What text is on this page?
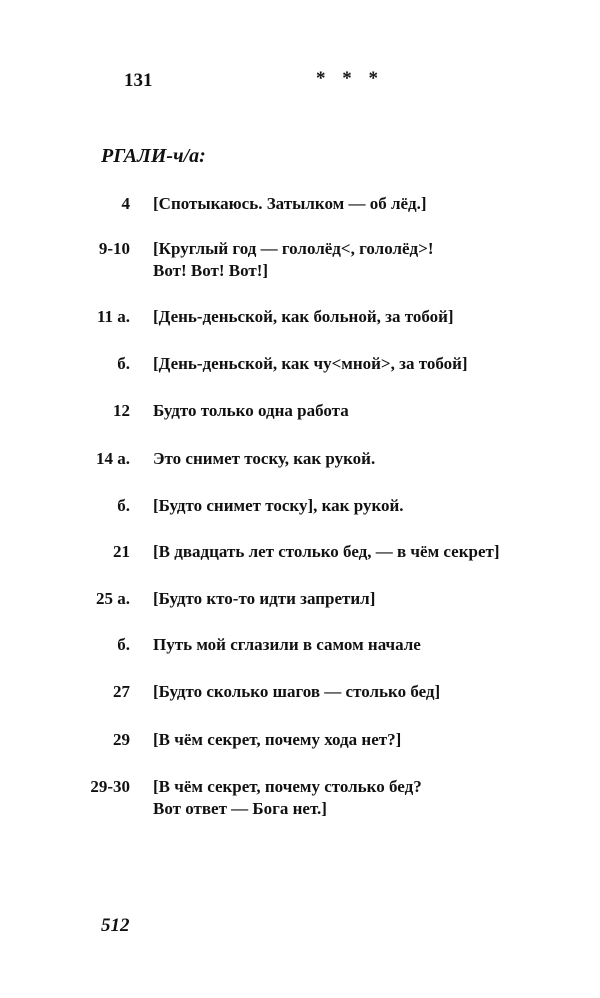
131	* * *
РГАЛИ-ч/а:
4 [Спотыкаюсь. Затылком — об лёд.]
9-10 [Круглый год — гололёд<, гололёд>!
Вот! Вот! Вот!]
11 а. [День-деньской, как больной, за тобой]
б. [День-деньской, как чу<мной>, за тобой]
12 Будто только одна работа
14 а. Это снимет тоску, как рукой.
б. [Будто снимет тоску], как рукой.
21 [В двадцать лет столько бед, — в чём секрет]
25 а. [Будто кто-то идти запретил]
б. Путь мой сглазили в самом начале
27 [Будто сколько шагов — столько бед]
29 [В чём секрет, почему хода нет?]
29-30 [В чём секрет, почему столько бед?
Вот ответ — Бога нет.]
512
